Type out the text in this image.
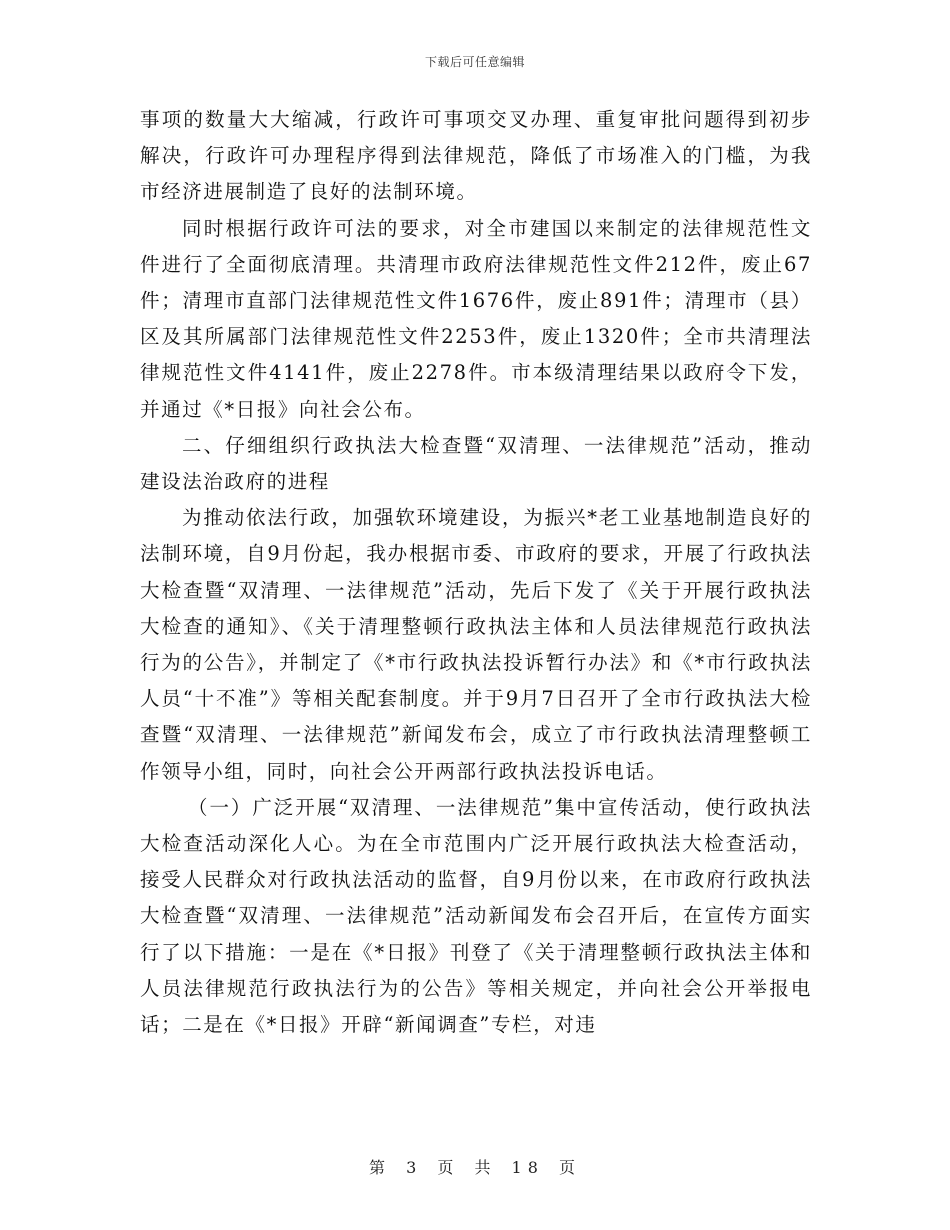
下载后可任意编辑

事项的数量大大缩减，行政许可事项交叉办理、重复审批问题得到初步解决，行政许可办理程序得到法律规范，降低了市场准入的门槛，为我市经济进展制造了良好的法制环境。

同时根据行政许可法的要求，对全市建国以来制定的法律规范性文件进行了全面彻底清理。共清理市政府法律规范性文件212件，废止67件；清理市直部门法律规范性文件1676件，废止891件；清理市（县）区及其所属部门法律规范性文件2253件，废止1320件；全市共清理法律规范性文件4141件，废止2278件。市本级清理结果以政府令下发，并通过《*日报》向社会公布。

二、仔细组织行政执法大检查暨“双清理、一法律规范”活动，推动建设法治政府的进程

为推动依法行政，加强软环境建设，为振兴*老工业基地制造良好的法制环境，自9月份起，我办根据市委、市政府的要求，开展了行政执法大检查暨“双清理、一法律规范”活动，先后下发了《关于开展行政执法大检查的通知》、《关于清理整顿行政执法主体和人员法律规范行政执法行为的公告》，并制定了《*市行政执法投诉暂行办法》和《*市行政执法人员“十不准”》等相关配套制度。并于9月7日召开了全市行政执法大检查暨“双清理、一法律规范”新闻发布会，成立了市行政执法清理整顿工作领导小组，同时，向社会公开两部行政执法投诉电话。

（一）广泛开展“双清理、一法律规范”集中宣传活动，使行政执法大检查活动深化人心。为在全市范围内广泛开展行政执法大检查活动，接受人民群众对行政执法活动的监督，自9月份以来，在市政府行政执法大检查暨“双清理、一法律规范”活动新闻发布会召开后，在宣传方面实行了以下措施：一是在《*日报》刊登了《关于清理整顿行政执法主体和人员法律规范行政执法行为的公告》等相关规定，并向社会公开举报电话；二是在《*日报》开辟“新闻调查”专栏，对违

第 3 页 共 18 页
